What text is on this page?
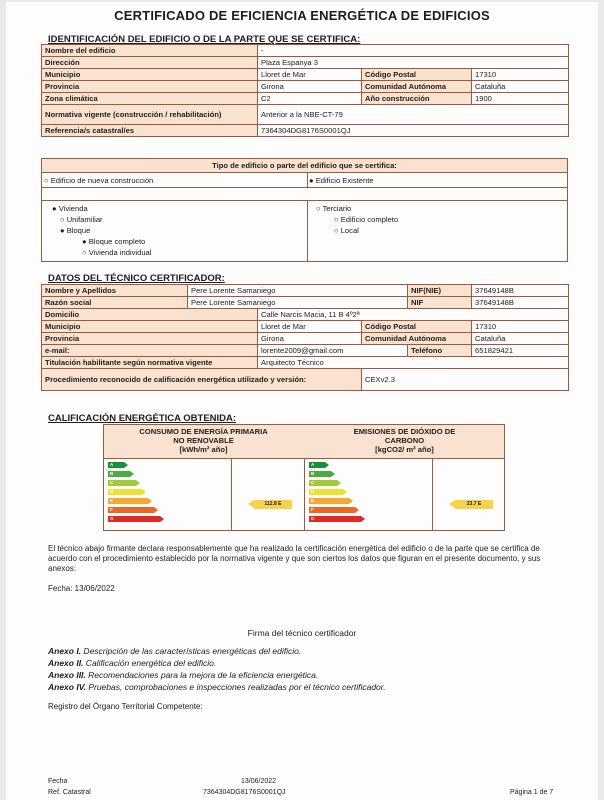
CERTIFICADO DE EFICIENCIA ENERGÉTICA DE EDIFICIOS
IDENTIFICACIÓN DEL EDIFICIO O DE LA PARTE QUE SE CERTIFICA:
Nombre del edificio	-		
Dirección	Plaza Espanya 3		
Municipio	Lloret de Mar	Código Postal	17310
Provincia	Girona	Comunidad Autónoma	Cataluña
Zona climática	C2	Año construcción	1900
Normativa vigente (construcción / rehabilitación)	Anterior a la NBE-CT-79		
Referencia/s catastral/es	7364304DG8176S0001QJ		
Tipo de edificio o parte del edificio que se certifica:
○ Edificio de nueva construcción	● Edificio Existente
● Vivienda
○ Unifamiliar
● Bloque
● Bloque completo
○ Vivienda individual
○ Terciario
○ Edificio completo
○ Local
DATOS DEL TÉCNICO CERTIFICADOR:
Nombre y Apellidos	Pere Lorente Samaniego			NIF(NIE)	37649148B
Razón social	Pere Lorente Samaniego			NIF	37649148B
Domicilio		Calle Narcis Macia, 11 B 4º2ª			
Municipio		Lloret de Mar	Código Postal		17310
Provincia		Girona	Comunidad Autónoma		Cataluña
e-mail:		lorente2009@gmail.com		Teléfono	651829421
Titulación habilitante según normativa vigente		Arquitecto Técnico			
Procedimiento reconocido de calificación energética utilizado y versión:			CEXv2.3		
CALIFICACIÓN ENERGÉTICA OBTENIDA:
CONSUMO DE ENERGÍA PRIMARIA NO RENOVABLE
[kWh/m² año]
EMISIONES DE DIÓXIDO DE CARBONO
[kgCO2/ m² año]
A
B
C
D
E
F
G
A
B
C
D
E
F
G
112.8 E	23.7 E
El técnico abajo firmante declara responsablemente que ha realizado la certificación energética del edificio o de la parte que se certifica de acuerdo con el procedimiento establecido por la normativa vigente y que son ciertos los datos que figuran en el presente documento, y sus anexos:
Fecha: 13/06/2022
Firma del técnico certificador
Anexo I. Descripción de las características energéticas del edificio.
Anexo II. Calificación energética del edificio.
Anexo III. Recomendaciones para la mejora de la eficiencia energética.
Anexo IV. Pruebas, comprobaciones e inspecciones realizadas por el técnico certificador.
Registro del Órgano Territorial Competente:
Fecha	13/06/2022
Ref. Catastral	7364304DG8176S0001QJ	Página 1 de 7
